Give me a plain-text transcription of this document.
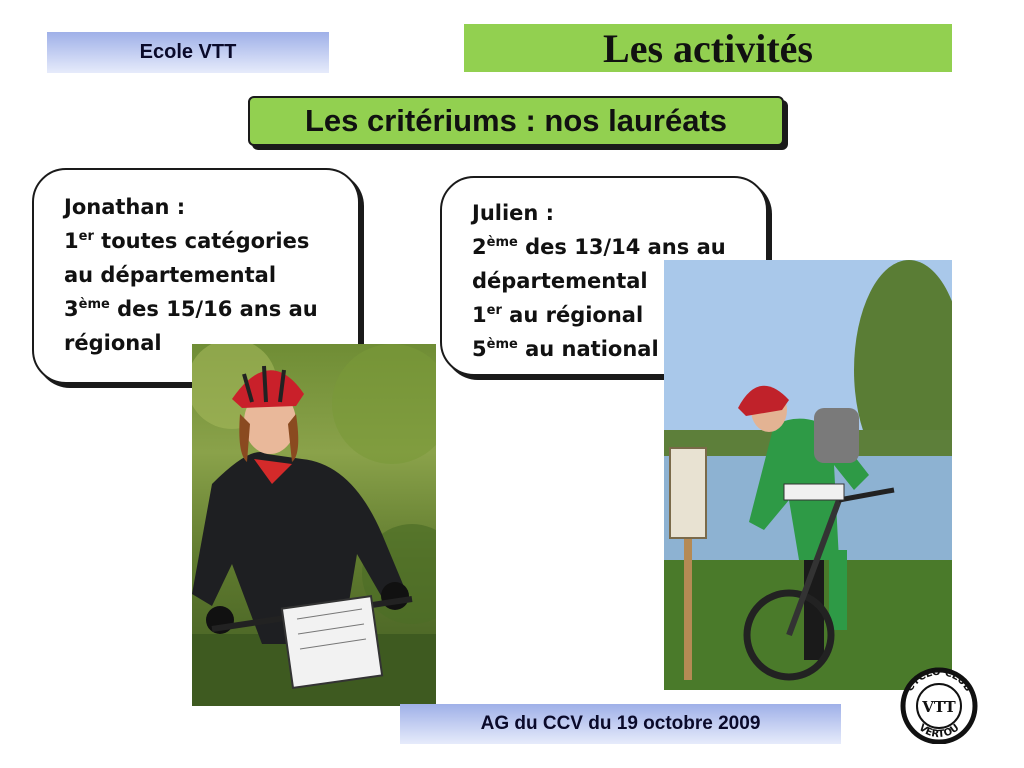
Ecole VTT	Les activités
Les critériums : nos lauréats
Jonathan :
1er toutes catégories
au départemental
3ème des 15/16 ans au
régional
Julien :
2ème des 13/14 ans au
départemental
1er au régional
5ème au national
AG du CCV du 19 octobre 2009
CYCLO CLUB
VERTOU
VTT
